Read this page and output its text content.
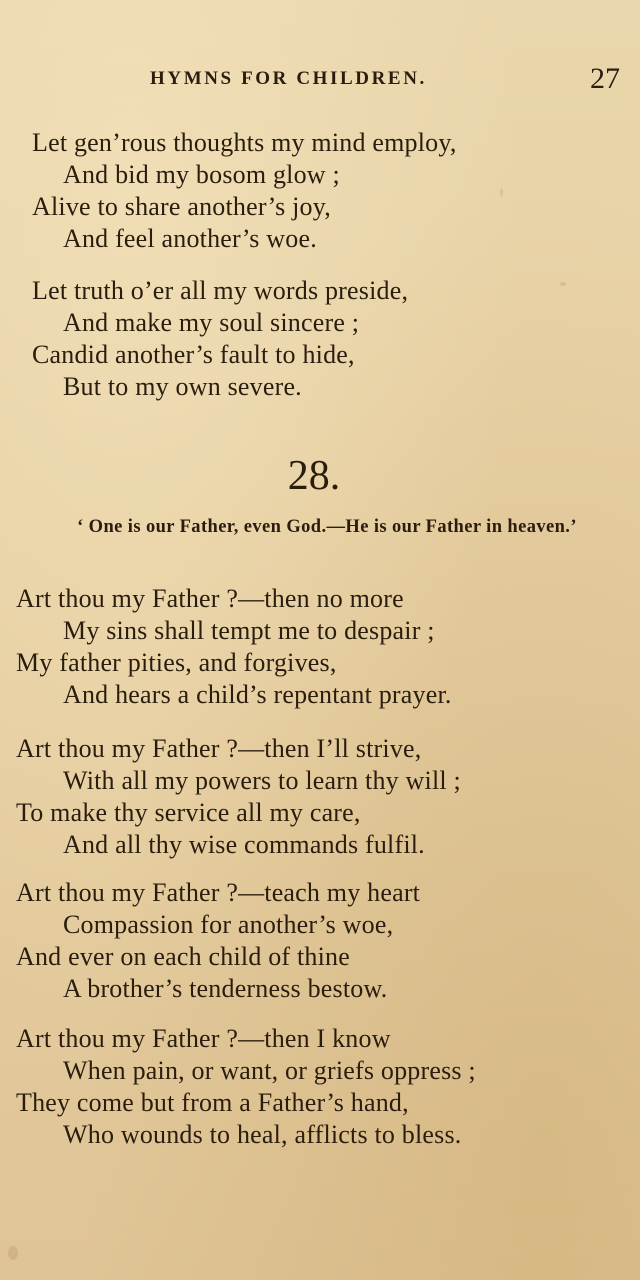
HYMNS FOR CHILDREN.	27
Let gen’rous thoughts my mind employ,
And bid my bosom glow ;
Alive to share another’s joy,
And feel another’s woe.
Let truth o’er all my words preside,
And make my soul sincere ;
Candid another’s fault to hide,
But to my own severe.
28.
‘ One is our Father, even God.—He is our Father in heaven.’
Art thou my Father ?—then no more
My sins shall tempt me to despair ;
My father pities, and forgives,
And hears a child’s repentant prayer.
Art thou my Father ?—then I’ll strive,
With all my powers to learn thy will ;
To make thy service all my care,
And all thy wise commands fulfil.
Art thou my Father ?—teach my heart
Compassion for another’s woe,
And ever on each child of thine
A brother’s tenderness bestow.
Art thou my Father ?—then I know
When pain, or want, or griefs oppress ;
They come but from a Father’s hand,
Who wounds to heal, afflicts to bless.
